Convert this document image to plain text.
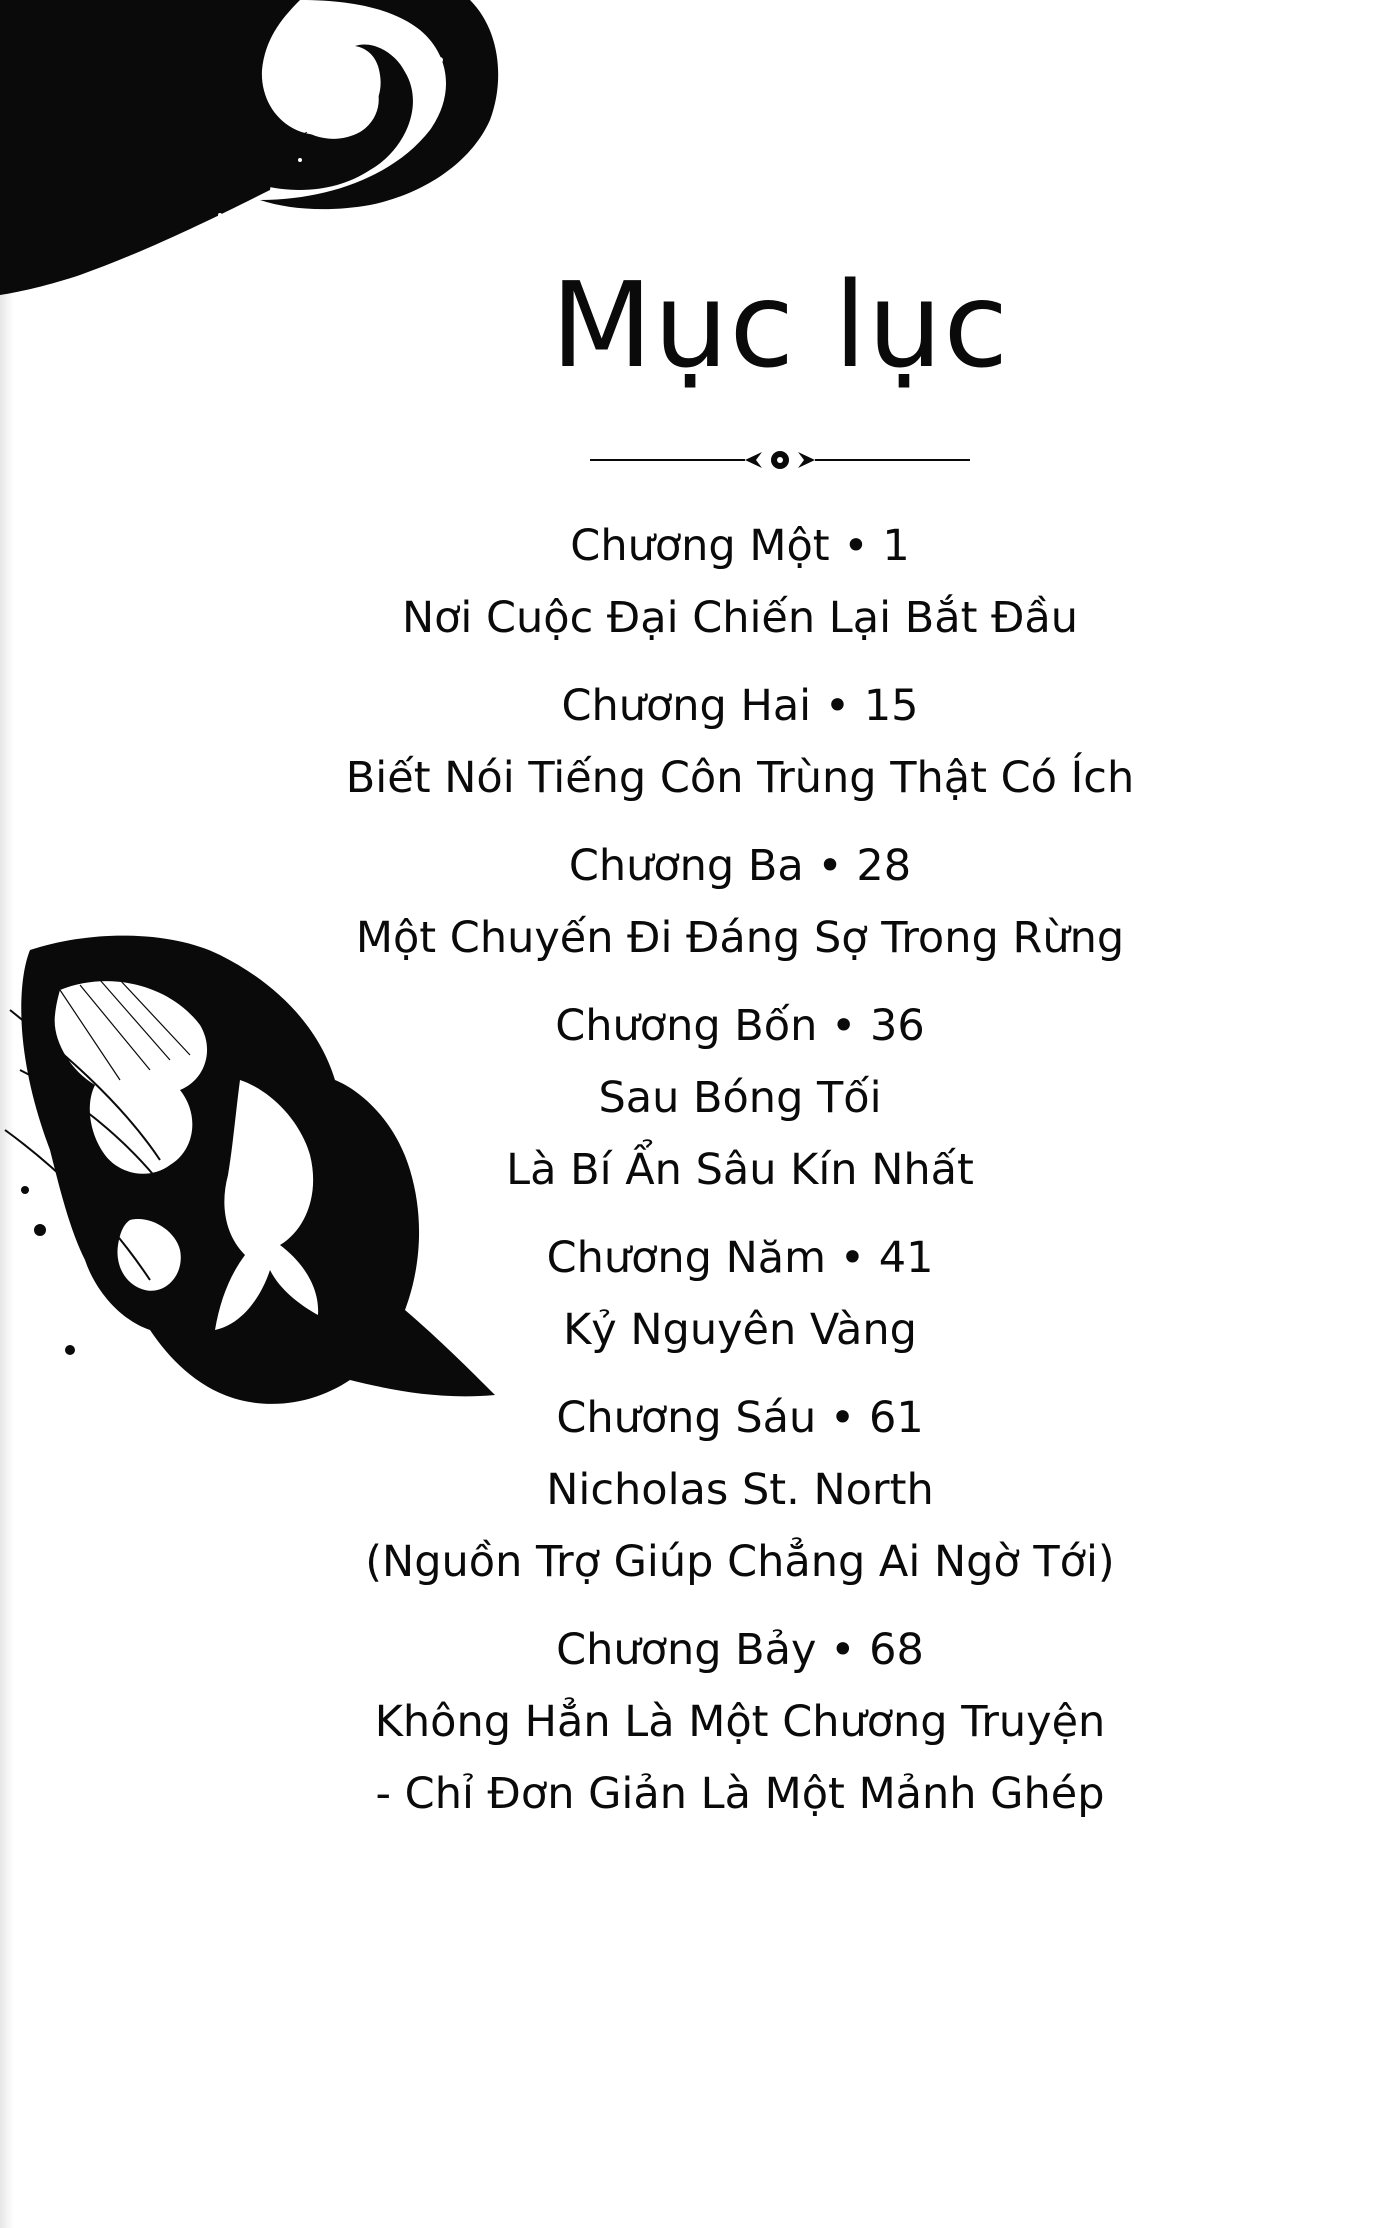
Mục lục
Chương Một • 1
Nơi Cuộc Đại Chiến Lại Bắt Đầu
Chương Hai • 15
Biết Nói Tiếng Côn Trùng Thật Có Ích
Chương Ba • 28
Một Chuyến Đi Đáng Sợ Trong Rừng
Chương Bốn • 36
Sau Bóng Tối
Là Bí Ẩn Sâu Kín Nhất
Chương Năm • 41
Kỷ Nguyên Vàng
Chương Sáu • 61
Nicholas St. North
(Nguồn Trợ Giúp Chẳng Ai Ngờ Tới)
Chương Bảy • 68
Không Hẳn Là Một Chương Truyện
- Chỉ Đơn Giản Là Một Mảnh Ghép
